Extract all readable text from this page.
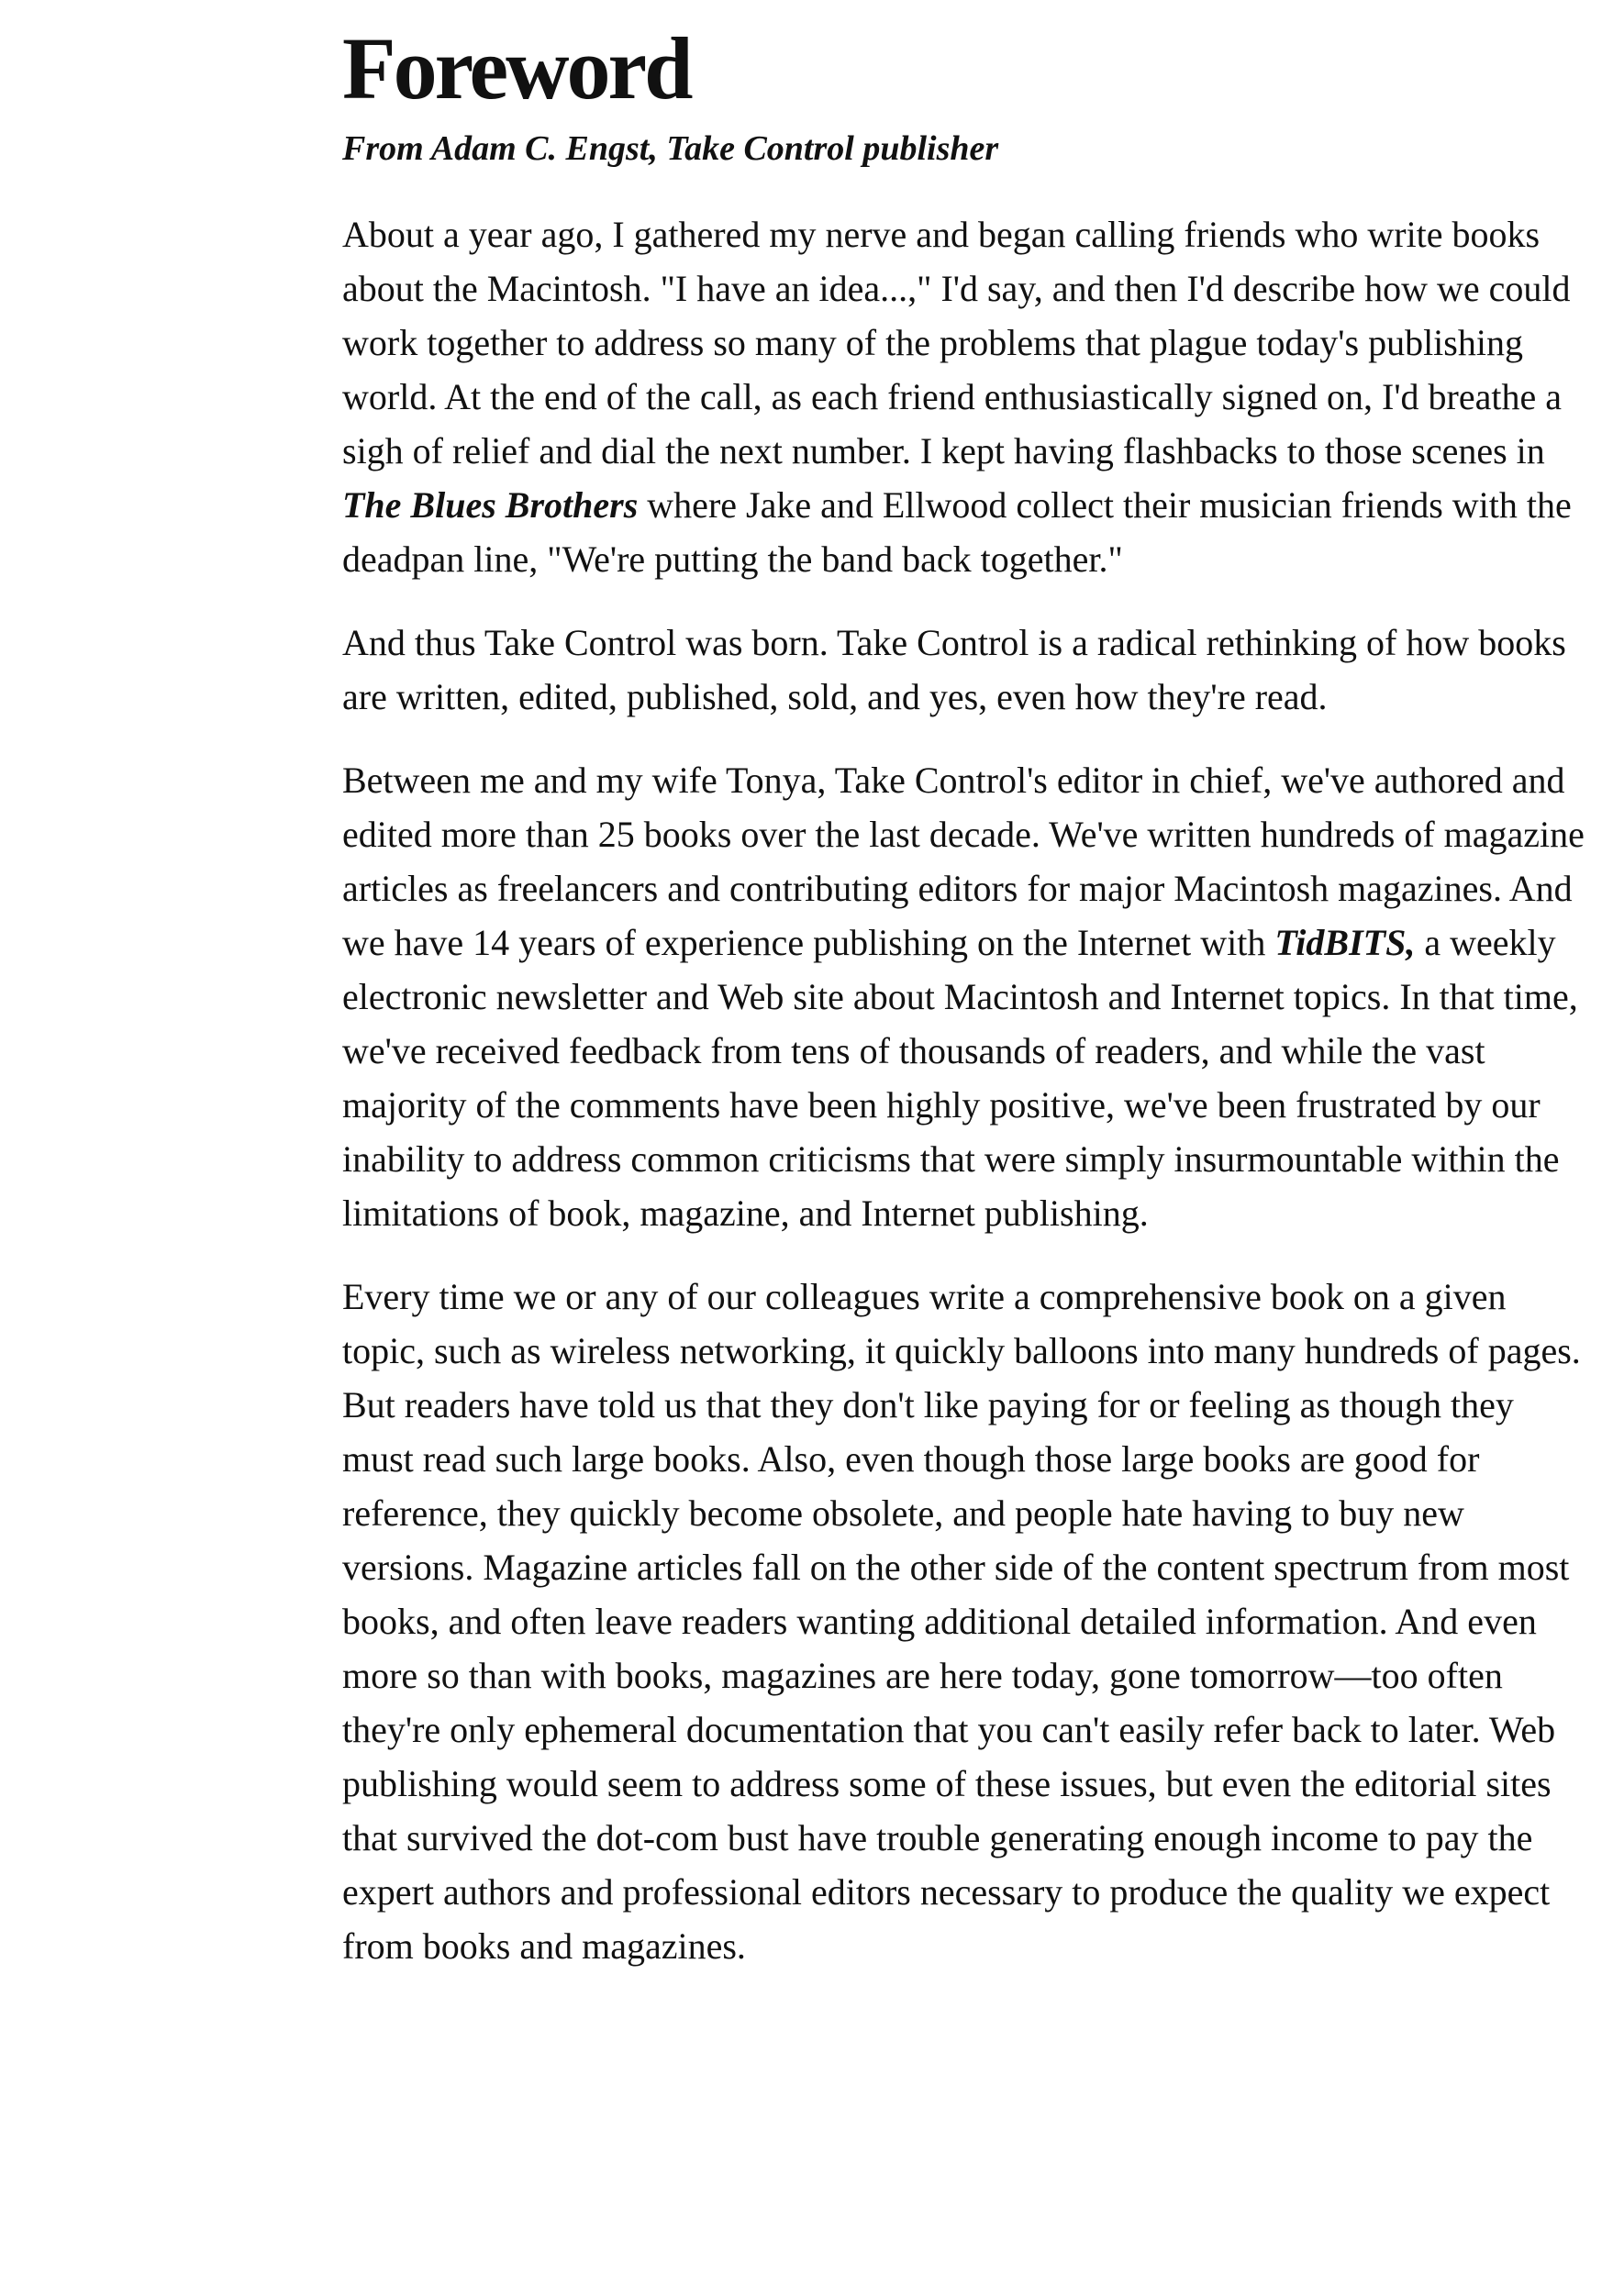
Foreword
From Adam C. Engst, Take Control publisher

About a year ago, I gathered my nerve and began calling friends who write books about the Macintosh. "I have an idea...," I'd say, and then I'd describe how we could work together to address so many of the problems that plague today's publishing world. At the end of the call, as each friend enthusiastically signed on, I'd breathe a sigh of relief and dial the next number. I kept having flashbacks to those scenes in The Blues Brothers where Jake and Ellwood collect their musician friends with the deadpan line, "We're putting the band back together."

And thus Take Control was born. Take Control is a radical rethinking of how books are written, edited, published, sold, and yes, even how they're read.

Between me and my wife Tonya, Take Control's editor in chief, we've authored and edited more than 25 books over the last decade. We've written hundreds of magazine articles as freelancers and contributing editors for major Macintosh magazines. And we have 14 years of experience publishing on the Internet with TidBITS, a weekly electronic newsletter and Web site about Macintosh and Internet topics. In that time, we've received feedback from tens of thousands of readers, and while the vast majority of the comments have been highly positive, we've been frustrated by our inability to address common criticisms that were simply insurmountable within the limitations of book, magazine, and Internet publishing.

Every time we or any of our colleagues write a comprehensive book on a given topic, such as wireless networking, it quickly balloons into many hundreds of pages. But readers have told us that they don't like paying for or feeling as though they must read such large books. Also, even though those large books are good for reference, they quickly become obsolete, and people hate having to buy new versions. Magazine articles fall on the other side of the content spectrum from most books, and often leave readers wanting additional detailed information. And even more so than with books, magazines are here today, gone tomorrow—too often they're only ephemeral documentation that you can't easily refer back to later. Web publishing would seem to address some of these issues, but even the editorial sites that survived the dot-com bust have trouble generating enough income to pay the expert authors and professional editors necessary to produce the quality we expect from books and magazines.
